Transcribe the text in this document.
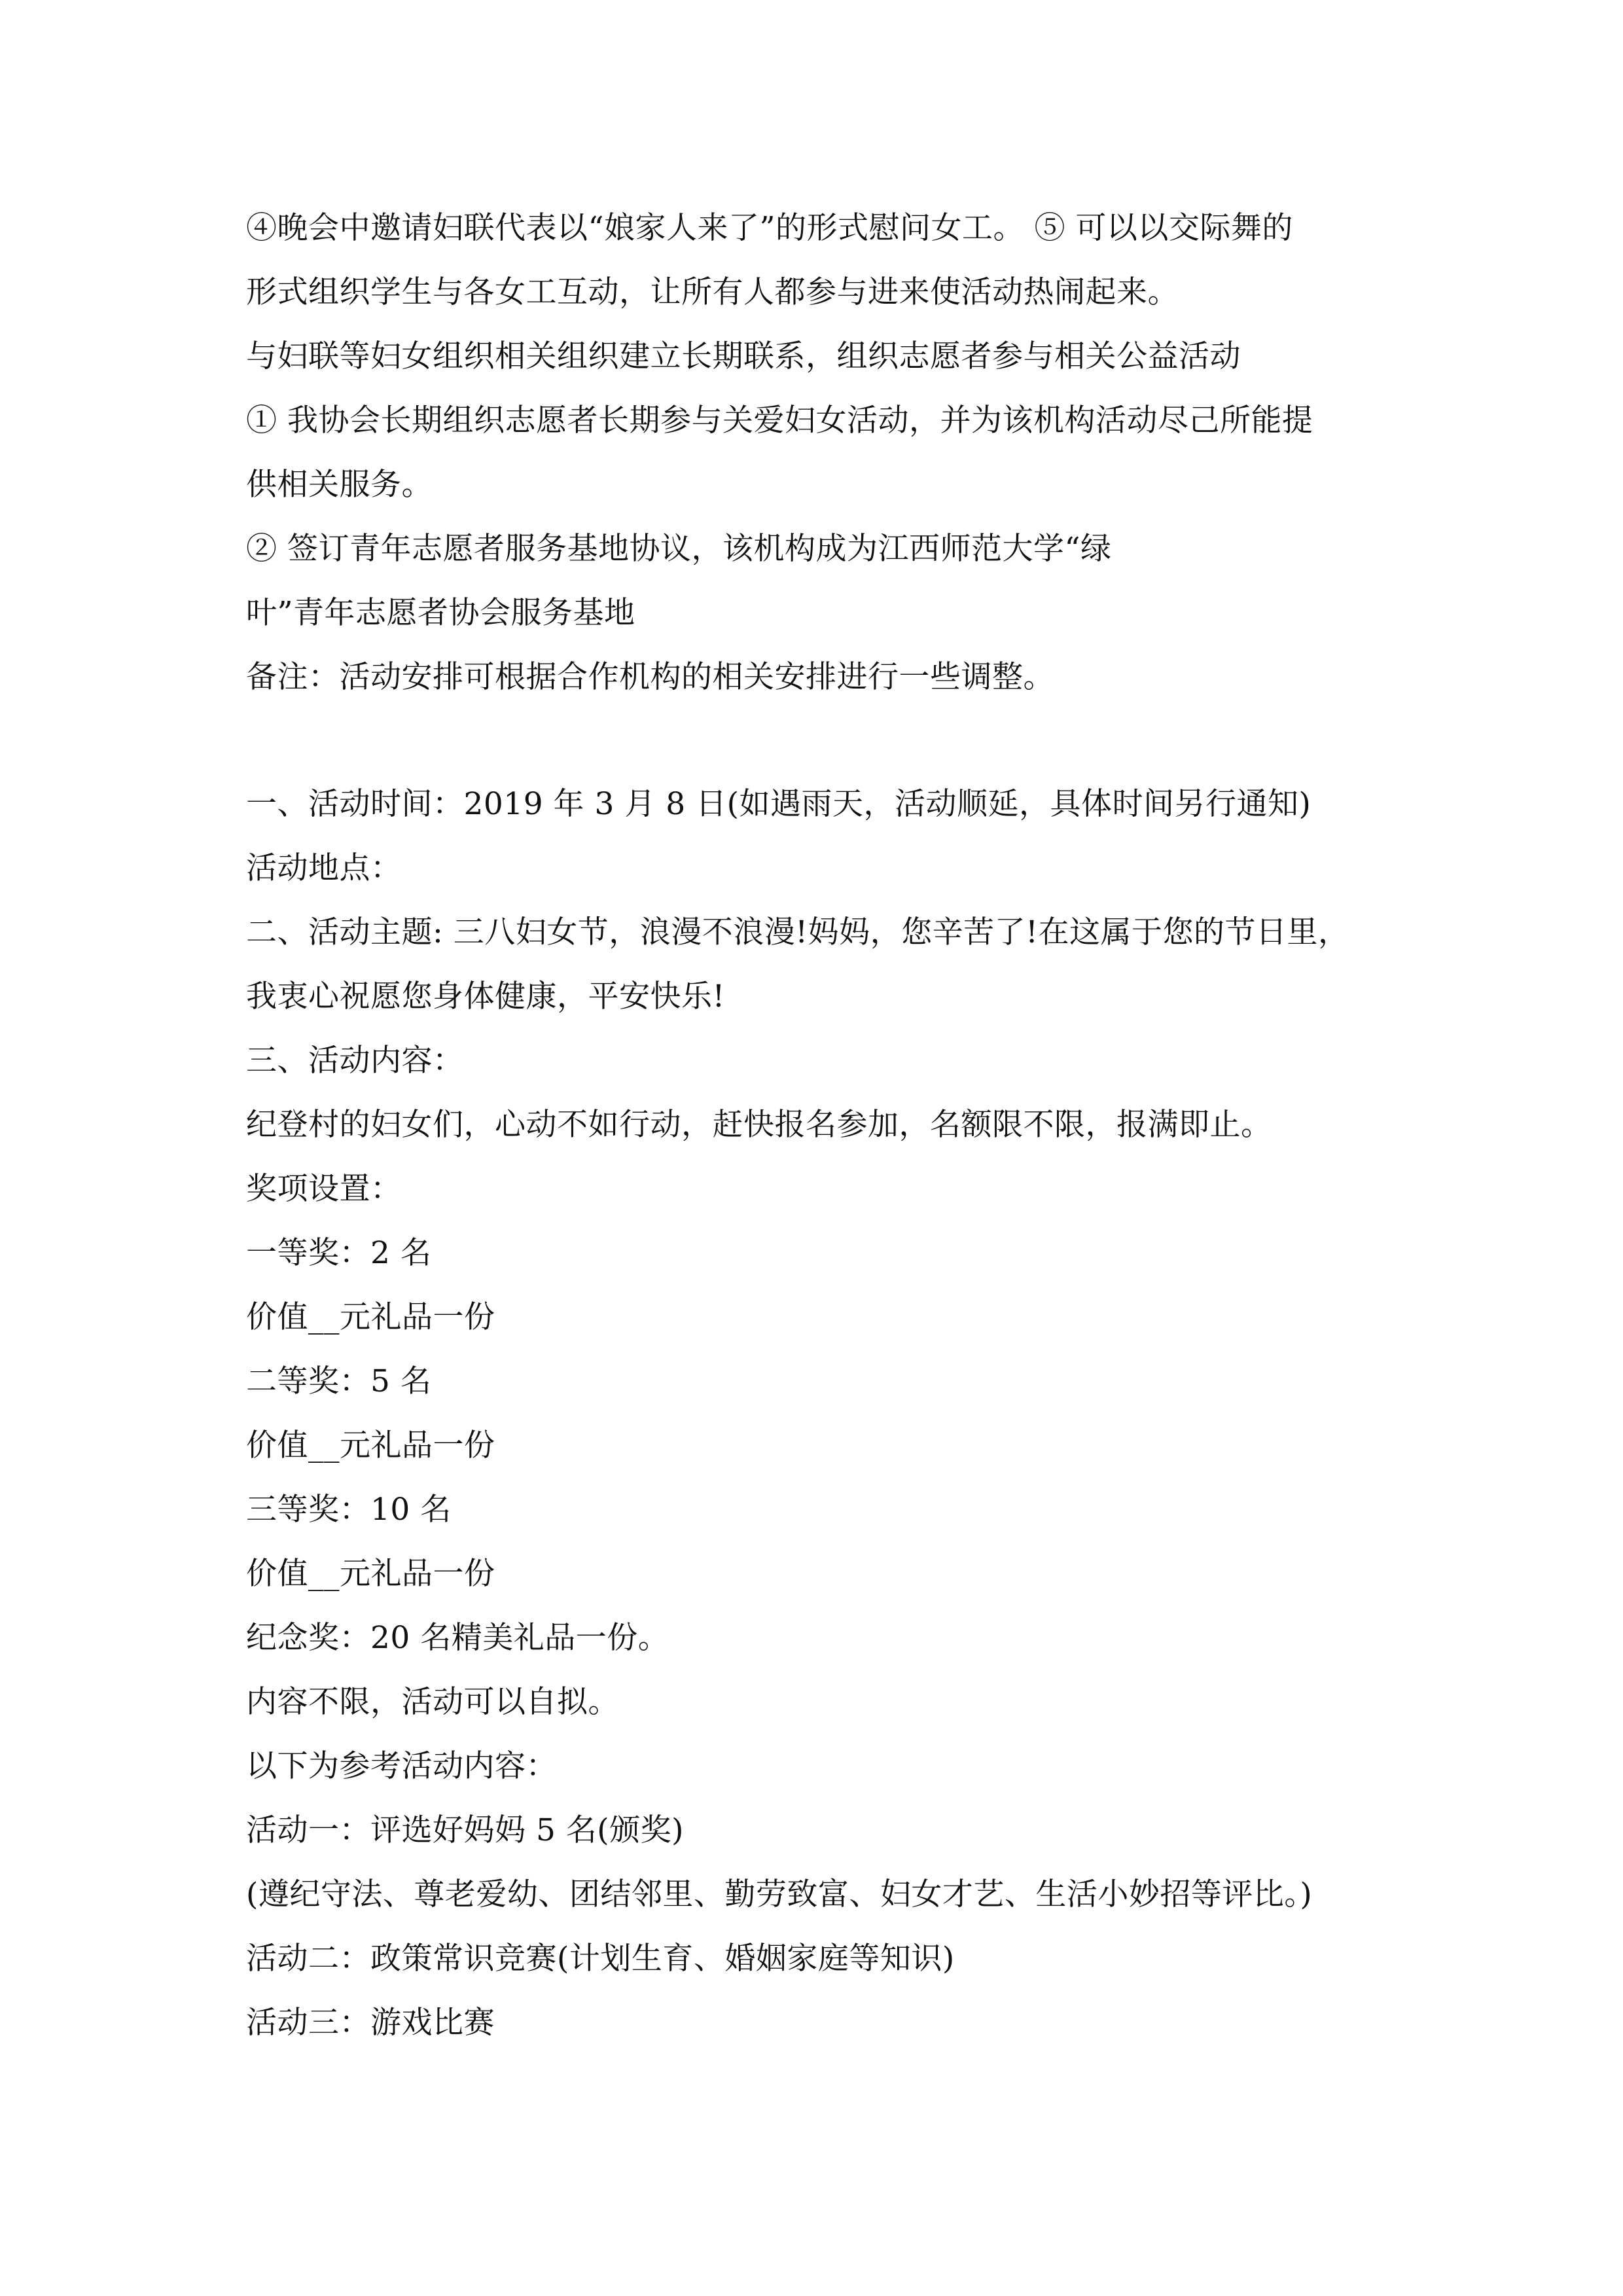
④晚会中邀请妇联代表以“娘家人来了”的形式慰问女工。 ⑤ 可以以交际舞的
形式组织学生与各女工互动，让所有人都参与进来使活动热闹起来。
与妇联等妇女组织相关组织建立长期联系，组织志愿者参与相关公益活动
① 我协会长期组织志愿者长期参与关爱妇女活动，并为该机构活动尽己所能提
供相关服务。
② 签订青年志愿者服务基地协议，该机构成为江西师范大学“绿
叶”青年志愿者协会服务基地
备注：活动安排可根据合作机构的相关安排进行一些调整。
一、活动时间：2019 年 3 月 8 日(如遇雨天，活动顺延，具体时间另行通知)
活动地点：
二、活动主题: 三八妇女节，浪漫不浪漫!妈妈，您辛苦了!在这属于您的节日里，
我衷心祝愿您身体健康，平安快乐!
三、活动内容：
纪登村的妇女们，心动不如行动，赶快报名参加，名额限不限，报满即止。
奖项设置：
一等奖：2 名
价值__元礼品一份
二等奖：5 名
价值__元礼品一份
三等奖：10 名
价值__元礼品一份
纪念奖：20 名精美礼品一份。
内容不限，活动可以自拟。
以下为参考活动内容：
活动一：评选好妈妈 5 名(颁奖)
(遵纪守法、尊老爱幼、团结邻里、勤劳致富、妇女才艺、生活小妙招等评比。)
活动二：政策常识竞赛(计划生育、婚姻家庭等知识)
活动三：游戏比赛
